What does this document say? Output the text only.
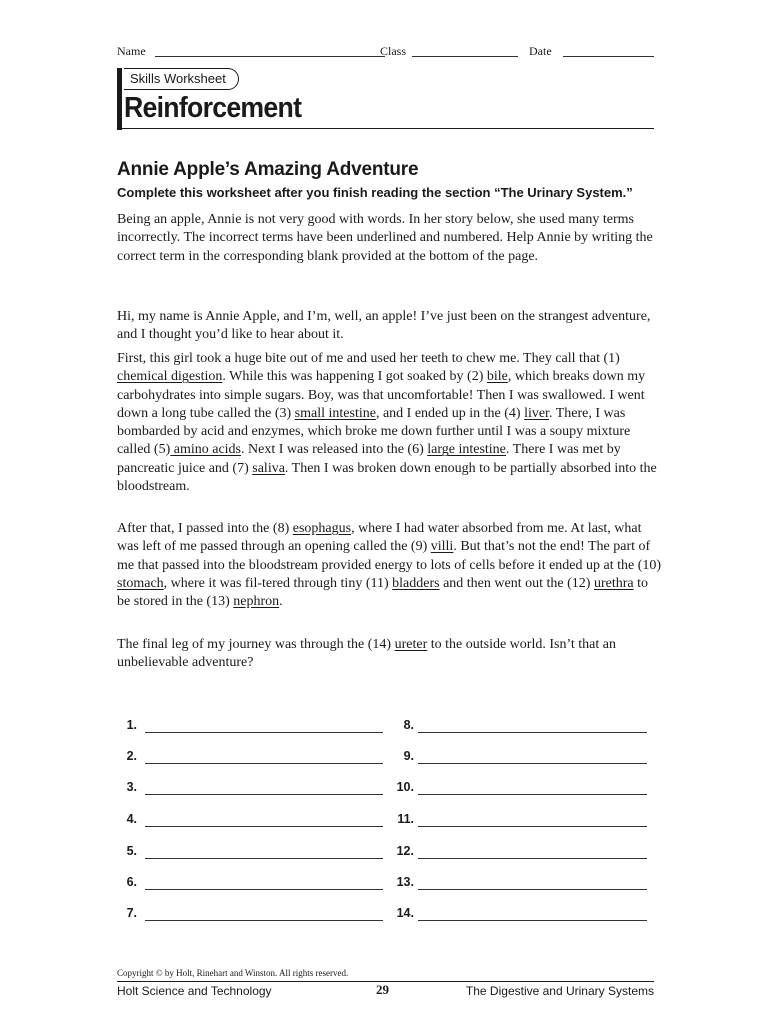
Name	Class	Date
Skills Worksheet
Reinforcement
Annie Apple’s Amazing Adventure
Complete this worksheet after you finish reading the section “The Urinary System.”

Being an apple, Annie is not very good with words. In her story below, she used many terms incorrectly. The incorrect terms have been underlined and numbered. Help Annie by writing the correct term in the corresponding blank provided at the bottom of the page.

Hi, my name is Annie Apple, and I’m, well, an apple! I’ve just been on the strangest adventure, and I thought you’d like to hear about it.

First, this girl took a huge bite out of me and used her teeth to chew me. They call that (1) chemical digestion. While this was happening I got soaked by (2) bile, which breaks down my carbohydrates into simple sugars. Boy, was that uncomfortable! Then I was swallowed. I went down a long tube called the (3) small intestine, and I ended up in the (4) liver. There, I was bombarded by acid and enzymes, which broke me down further until I was a soupy mixture called (5) amino acids. Next I was released into the (6) large intestine. There I was met by pancreatic juice and (7) saliva. Then I was broken down enough to be partially absorbed into the bloodstream.

After that, I passed into the (8) esophagus, where I had water absorbed from me. At last, what was left of me passed through an opening called the (9) villi. But that’s not the end! The part of me that passed into the bloodstream provided energy to lots of cells before it ended up at the (10) stomach, where it was fil-tered through tiny (11) bladders and then went out the (12) urethra to be stored in the (13) nephron.

The final leg of my journey was through the (14) ureter to the outside world. Isn’t that an unbelievable adventure?

1.
2.
3.
4.
5.
6.
7.
8.
9.
10.
11.
12.
13.
14.
Copyright © by Holt, Rinehart and Winston. All rights reserved.
Holt Science and Technology	29	The Digestive and Urinary Systems
